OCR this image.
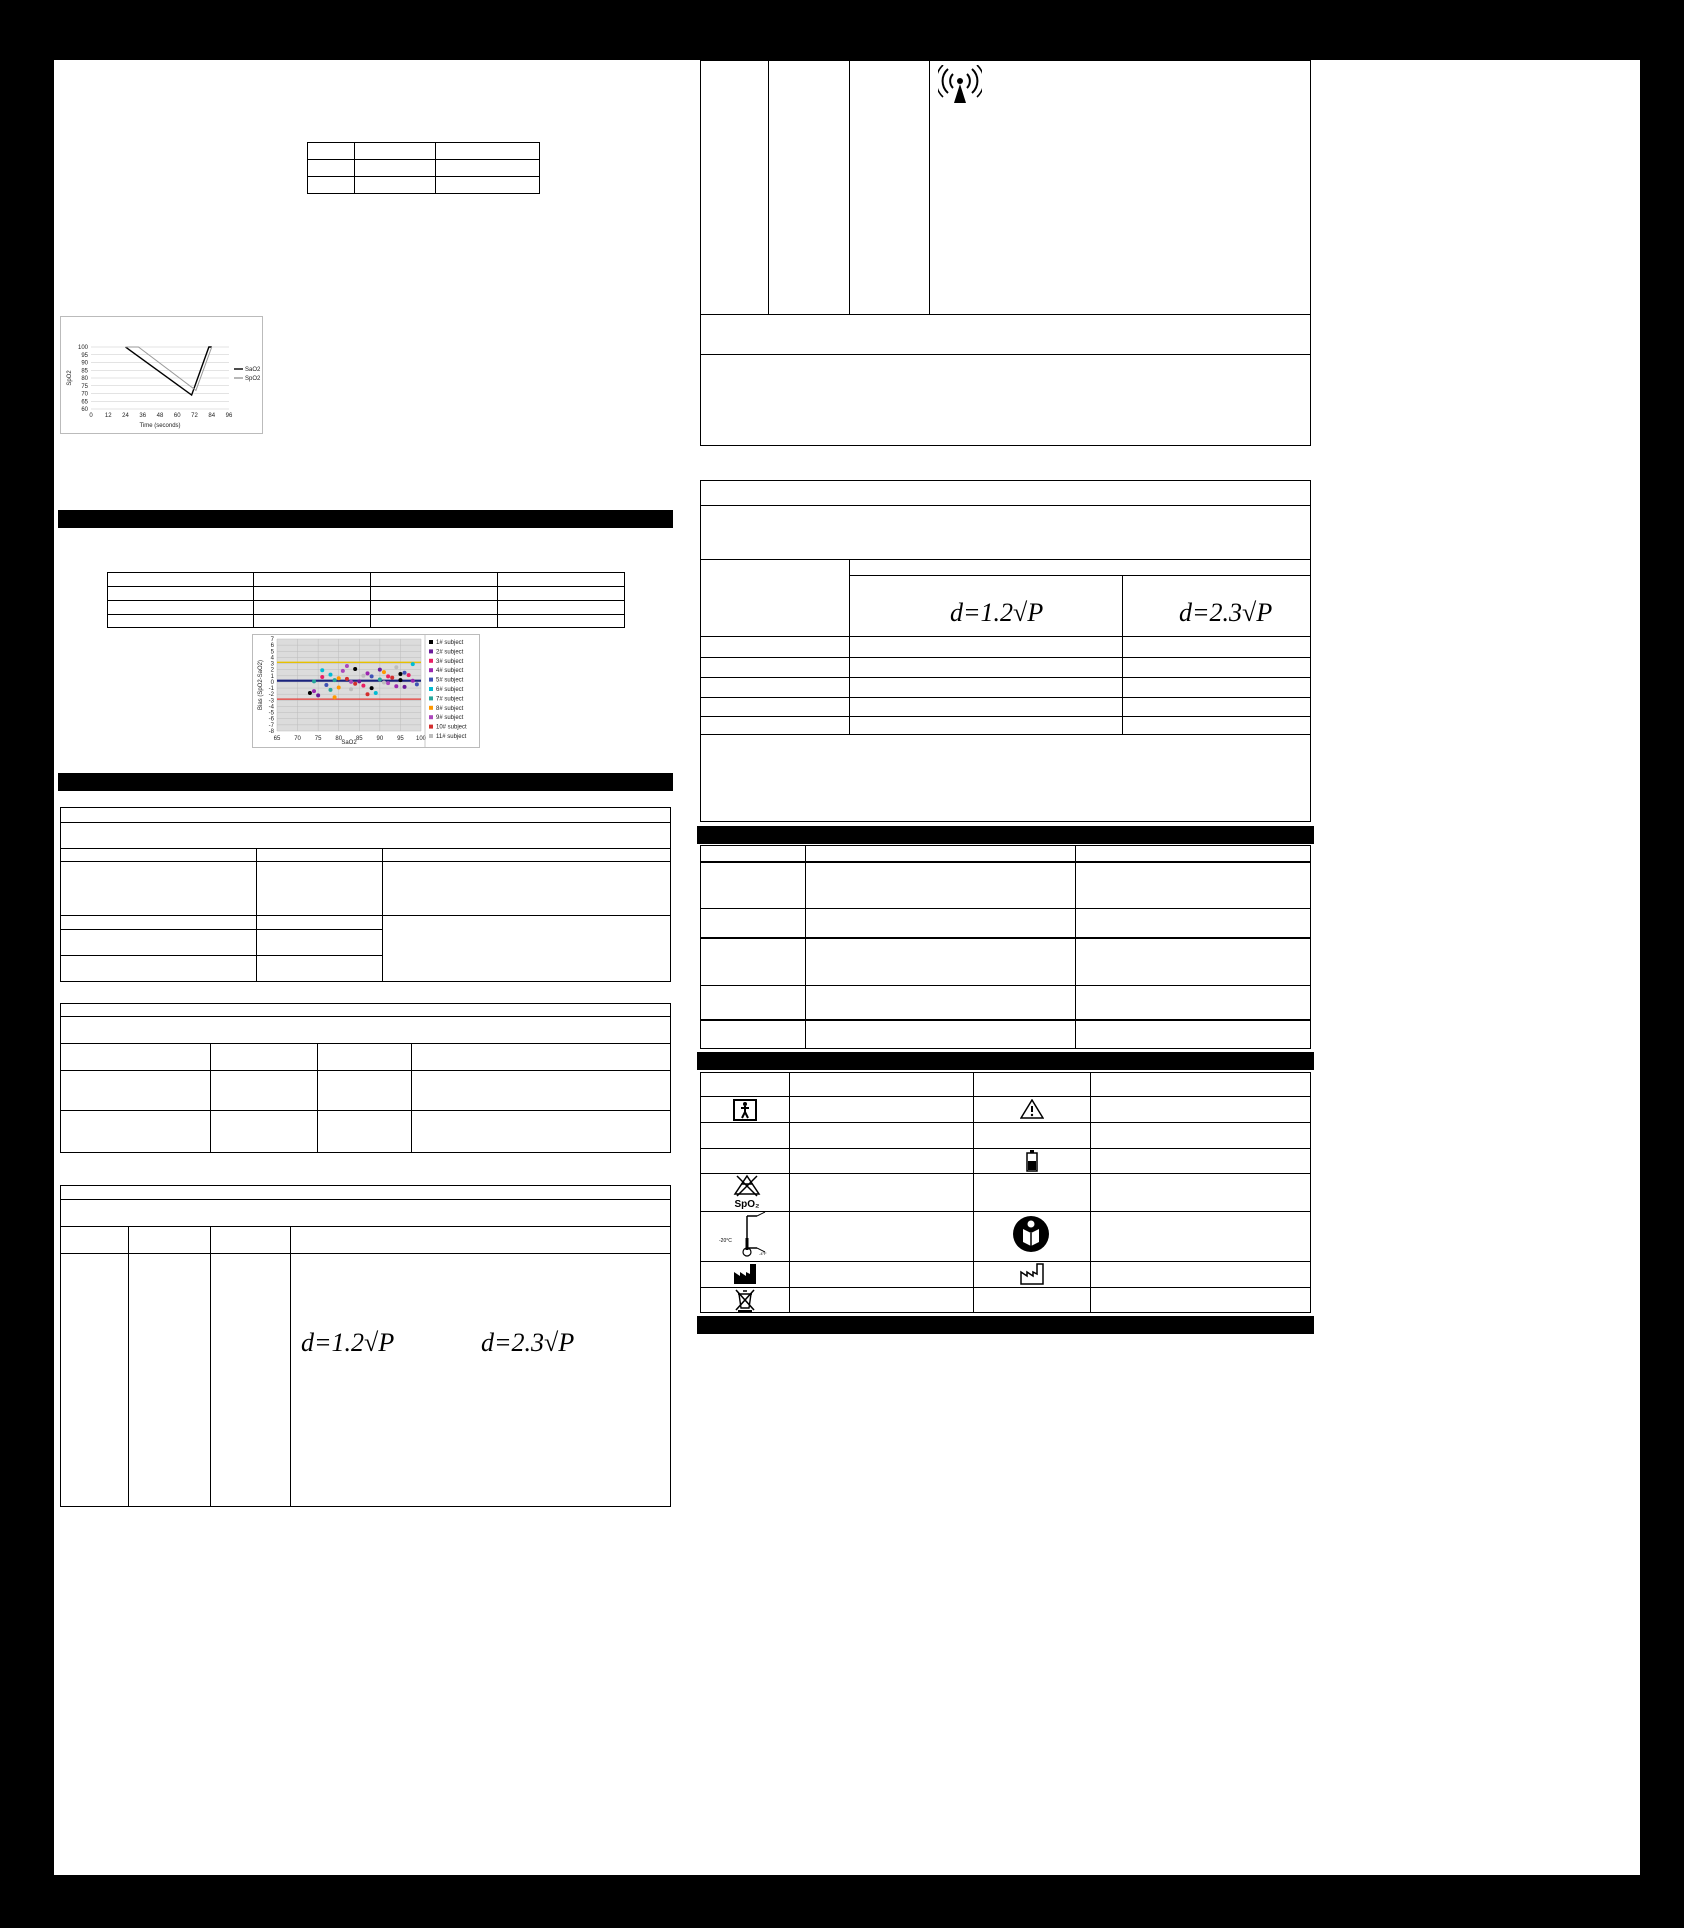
100
95
90
85
80
75
70
65
60
0 12 24 36 48 60 72 84 96
Time (seconds)
SpO2
SaO2
SpO2
-8
-7
-6
-5
-4
-3
-2
-1
0
1
2
3
4
5
6
7
65 70 75 80 85 90 95 100
SaO2
Bias (SpO2-SaO2)
1# subject
2# subject
3# subject
4# subject
5# subject
6# subject
7# subject
8# subject
9# subject
10# subject
11# subject
d=1.2√P	d=2.3√P
d=1.2√P	d=2.3√P
SpO₂
-20°C
-4°F
